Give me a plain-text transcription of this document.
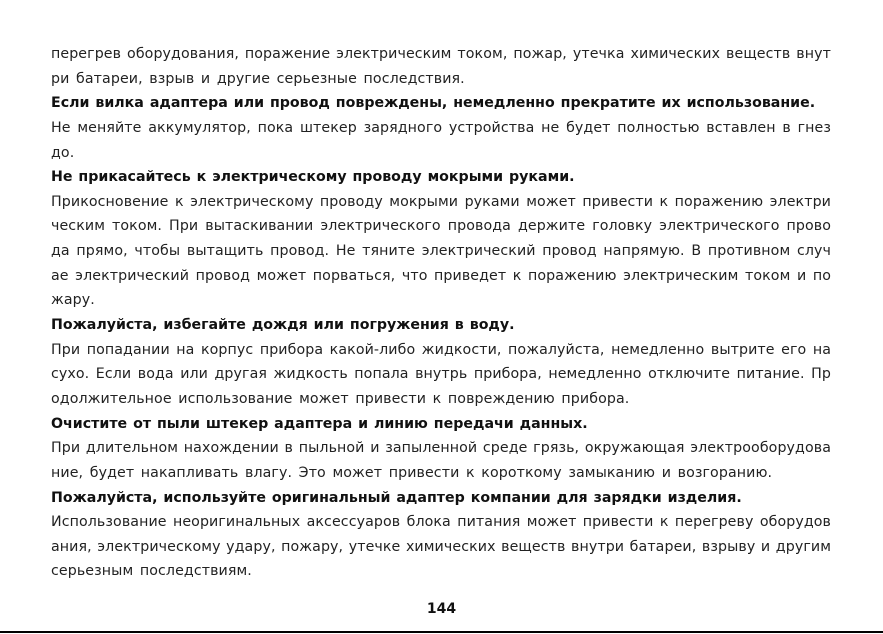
перегрев оборудования, поражение электрическим током, пожар, утечка химических веществ внут
ри батареи, взрыв и другие серьезные последствия.
Если вилка адаптера или провод повреждены, немедленно прекратите их использование.
Не меняйте аккумулятор, пока штекер зарядного устройства не будет полностью вставлен в гнез
до.
Не прикасайтесь к электрическому проводу мокрыми руками.
Прикосновение к электрическому проводу мокрыми руками может привести к поражению электри
ческим током. При вытаскивании электрического провода держите головку электрического прово
да прямо, чтобы вытащить провод. Не тяните электрический провод напрямую. В противном случ
ае электрический провод может порваться, что приведет к поражению электрическим током и по
жару.
Пожалуйста, избегайте дождя или погружения в воду.
При попадании на корпус прибора какой-либо жидкости, пожалуйста, немедленно вытрите его на
сухо. Если вода или другая жидкость попала внутрь прибора, немедленно отключите питание. Пр
одолжительное использование может привести к повреждению прибора.
Очистите от пыли штекер адаптера и линию передачи данных.
При длительном нахождении в пыльной и запыленной среде грязь, окружающая электрооборудова
ние, будет накапливать влагу. Это может привести к короткому замыканию и возгоранию.
Пожалуйста, используйте оригинальный адаптер компании для зарядки изделия.
Использование неоригинальных аксессуаров блока питания может привести к перегреву оборудов
ания, электрическому удару, пожару, утечке химических веществ внутри батареи, взрыву и другим
серьезным последствиям.
144
